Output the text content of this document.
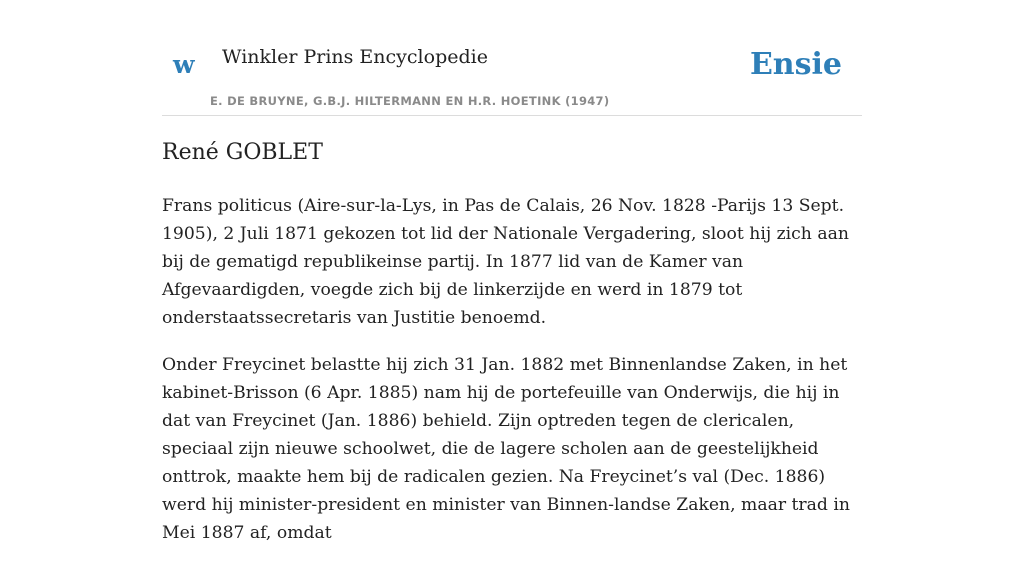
w Winkler Prins Encyclopedie
E. DE BRUYNE, G.B.J. HILTERMANN EN H.R. HOETINK (1947)
Ensie
René GOBLET

Frans politicus (Aire-sur-la-Lys, in Pas de Calais, 26 Nov. 1828 -Parijs 13 Sept. 1905), 2 Juli 1871 gekozen tot lid der Nationale Vergadering, sloot hij zich aan bij de gematigd republikeinse partij. In 1877 lid van de Kamer van Afgevaardigden, voegde zich bij de linkerzijde en werd in 1879 tot onderstaatssecretaris van Justitie benoemd.

Onder Freycinet belastte hij zich 31 Jan. 1882 met Binnenlandse Zaken, in het kabinet-Brisson (6 Apr. 1885) nam hij de portefeuille van Onderwijs, die hij in dat van Freycinet (Jan. 1886) behield. Zijn optreden tegen de clericalen, speciaal zijn nieuwe schoolwet, die de lagere scholen aan de geestelijkheid onttrok, maakte hem bij de radicalen gezien. Na Freycinet’s val (Dec. 1886) werd hij minister-president en minister van Binnen-landse Zaken, maar trad in Mei 1887 af, omdat
